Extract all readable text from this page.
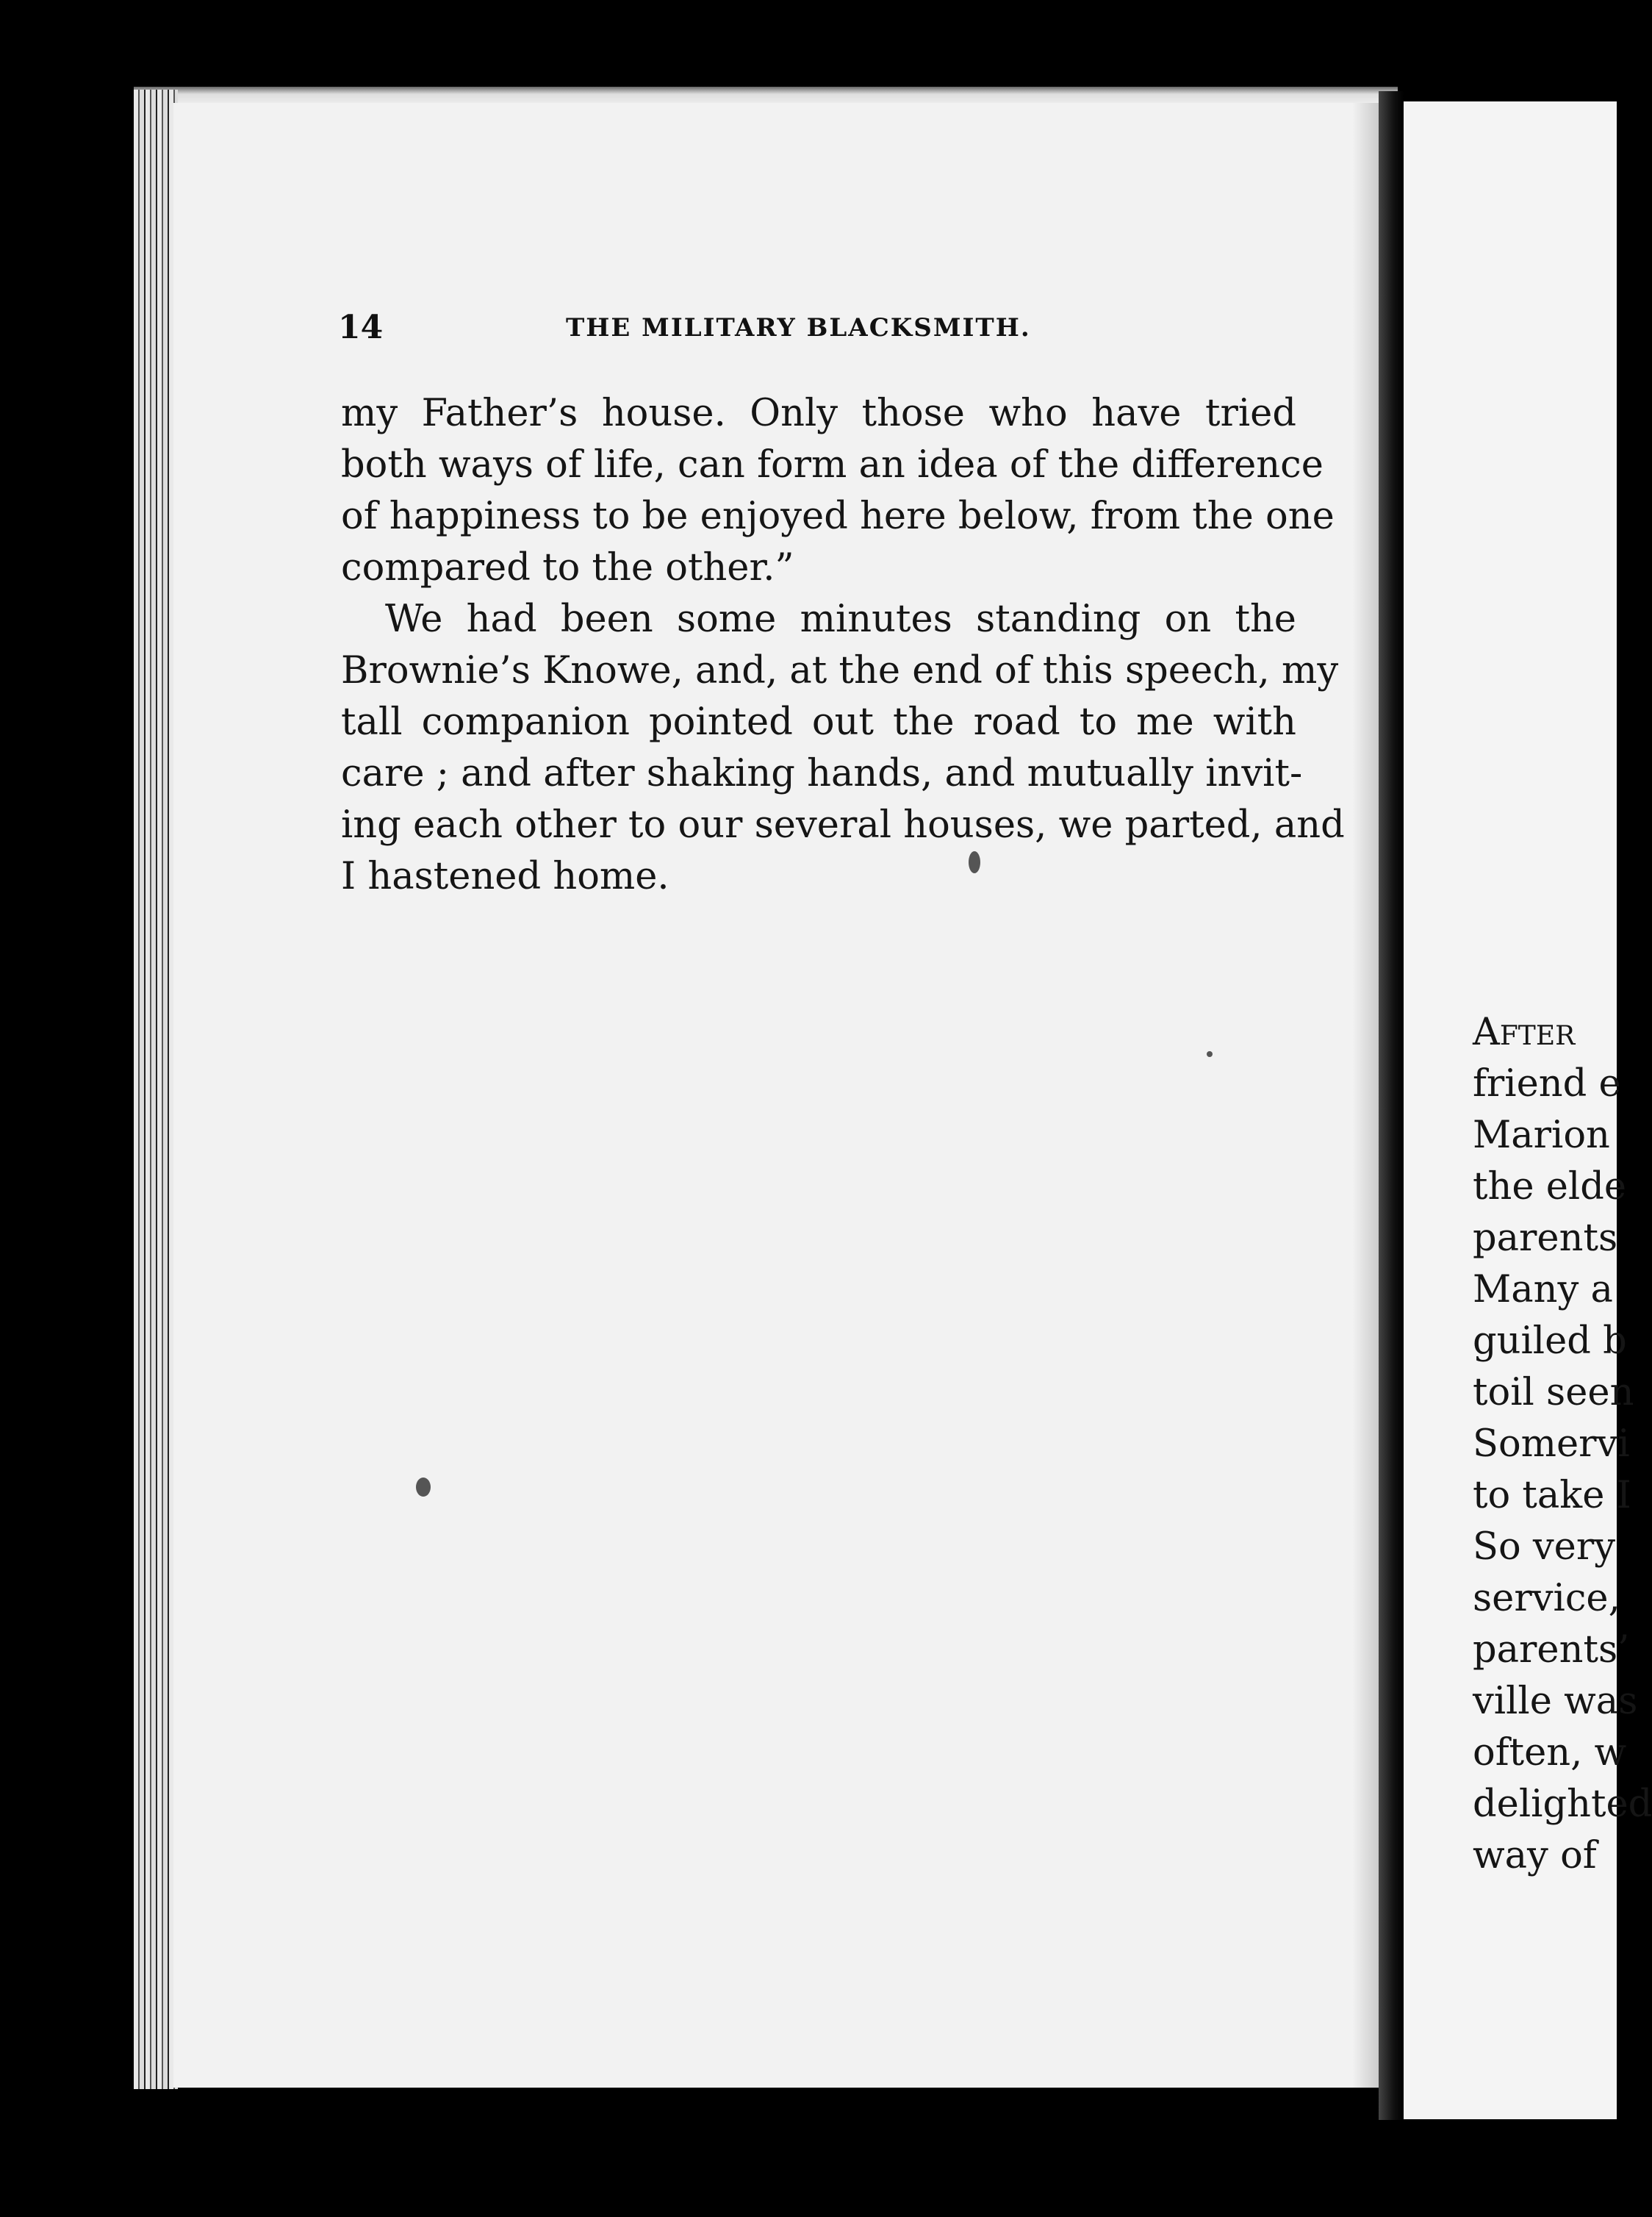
14	THE MILITARY BLACKSMITH.
my Father’s house. Only those who have tried
both ways of life, can form an idea of the difference
of happiness to be enjoyed here below, from the one
compared to the other.”
We had been some minutes standing on the
Brownie’s Knowe, and, at the end of this speech, my
tall companion pointed out the road to me with
care ; and after shaking hands, and mutually invit-
ing each other to our several houses, we parted, and
I hastened home.
After
friend e
Marion
the elde
parents
Many a
guiled b
toil seen
Somervi
to take I
So very
service,
parents’
ville was
often, w
delighted
way of
